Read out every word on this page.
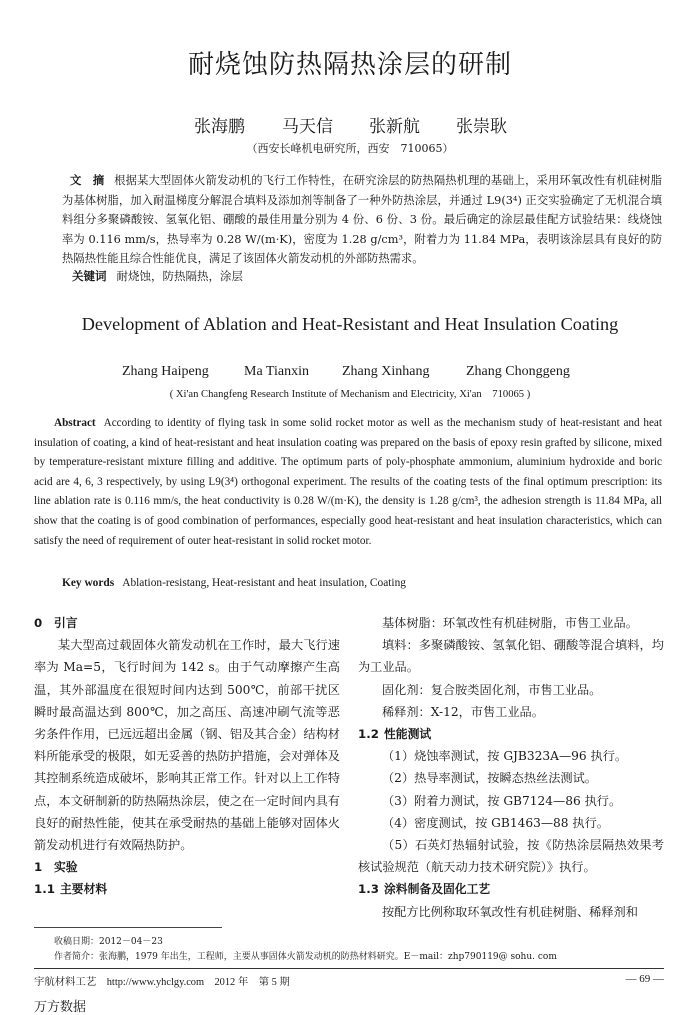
耐烧蚀防热隔热涂层的研制
张海鹏 马天信 张新航 张崇耿
（西安长峰机电研究所，西安　710065）
文　摘 根据某大型固体火箭发动机的飞行工作特性，在研究涂层的防热隔热机理的基础上，采用环氧改性有机硅树脂为基体树脂，加入耐温梯度分解混合填料及添加剂等制备了一种外防热涂层，并通过 L9(3⁴) 正交实验确定了无机混合填料组分多聚磷酸铵、氢氧化铝、硼酸的最佳用量分别为 4 份、6 份、3 份。最后确定的涂层最佳配方试验结果：线烧蚀率为 0.116 mm/s，热导率为 0.28 W/(m·K)，密度为 1.28 g/cm³，附着力为 11.84 MPa，表明该涂层具有良好的防热隔热性能且综合性能优良，满足了该固体火箭发动机的外部防热需求。
关键词 耐烧蚀，防热隔热，涂层
Development of Ablation and Heat-Resistant and Heat Insulation Coating
Zhang Haipeng	Ma Tianxin Zhang Xinhang	Zhang Chonggeng
( Xi'an Changfeng Research Institute of Mechanism and Electricity, Xi'an　710065 )
Abstract According to identity of flying task in some solid rocket motor as well as the mechanism study of heat-resistant and heat insulation of coating, a kind of heat-resistant and heat insulation coating was prepared on the basis of epoxy resin grafted by silicone, mixed by temperature-resistant mixture filling and additive. The optimum parts of poly-phosphate ammonium, aluminium hydroxide and boric acid are 4, 6, 3 respectively, by using L9(3⁴) orthogonal experiment. The results of the coating tests of the final optimum prescription: its line ablation rate is 0.116 mm/s, the heat conductivity is 0.28 W/(m·K), the density is 1.28 g/cm³, the adhesion strength is 11.84 MPa, all show that the coating is of good combination of performances, especially good heat-resistant and heat insulation characteristics, which can satisfy the need of requirement of outer heat-resistant in solid rocket motor.
Key words Ablation-resistang, Heat-resistant and heat insulation, Coating

0 引言

某大型高过载固体火箭发动机在工作时，最大飞行速率为 Ma=5，飞行时间为 142 s。由于气动摩擦产生高温，其外部温度在很短时间内达到 500℃，前部干扰区瞬时最高温达到 800℃，加之高压、高速冲刷气流等恶劣条件作用，已远远超出金属（钢、铝及其合金）结构材料所能承受的极限，如无妥善的热防护措施，会对弹体及其控制系统造成破坏，影响其正常工作。针对以上工作特点，本文研制新的防热隔热涂层，使之在一定时间内具有良好的耐热性能，使其在承受耐热的基础上能够对固体火箭发动机进行有效隔热防护。

1 实验

1.1 主要材料

基体树脂：环氧改性有机硅树脂，市售工业品。

填料：多聚磷酸铵、氢氧化铝、硼酸等混合填料，均为工业品。

固化剂：复合胺类固化剂，市售工业品。

稀释剂：X-12，市售工业品。

1.2 性能测试

（1）烧蚀率测试，按 GJB323A—96 执行。

（2）热导率测试，按瞬态热丝法测试。

（3）附着力测试，按 GB7124—86 执行。

（4）密度测试，按 GB1463—88 执行。

（5）石英灯热辐射试验，按《防热涂层隔热效果考核试验规范（航天动力技术研究院）》执行。

1.3 涂料制备及固化工艺

按配方比例称取环氧改性有机硅树脂、稀释剂和

收稿日期：2012－04－23
作者简介：张海鹏，1979 年出生，工程师，主要从事固体火箭发动机的防热材料研究。E－mail：zhp790119@ sohu. com
宇航材料工艺　http://www.yhclgy.com　2012 年　第 5 期	— 69 —
万方数据
